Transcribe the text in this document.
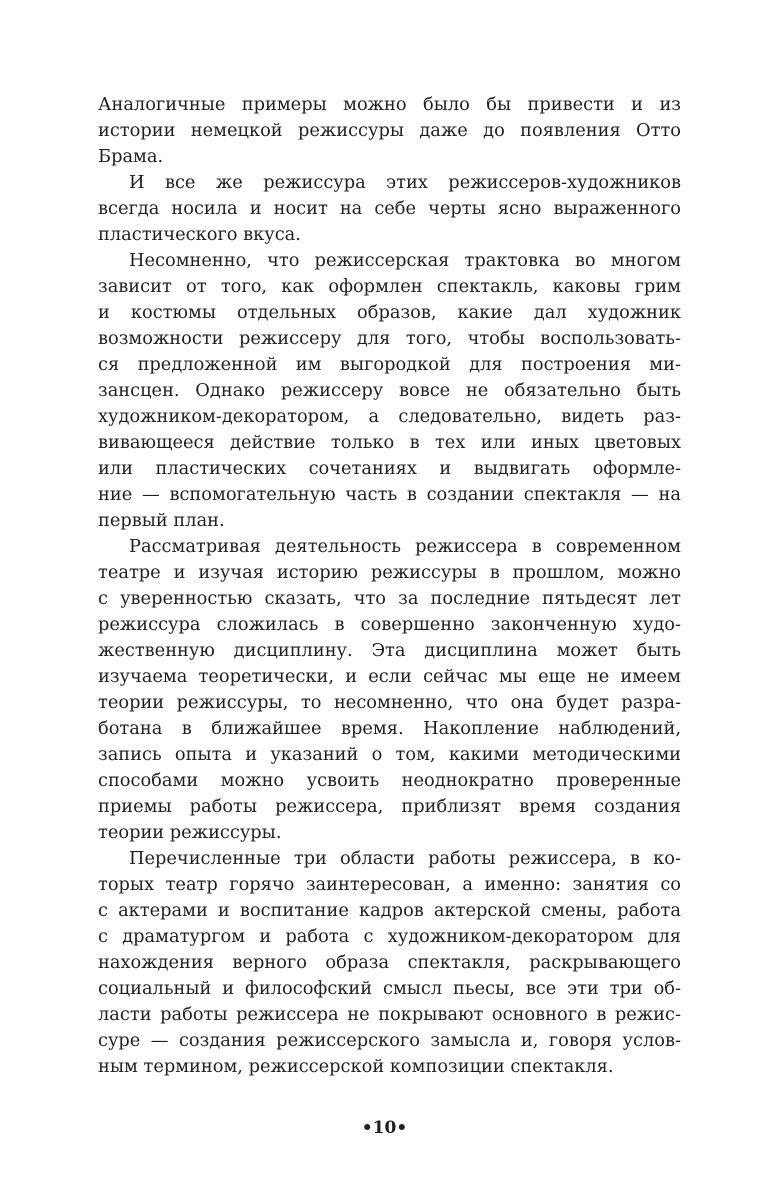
Аналогичные примеры можно было бы привести и из
истории немецкой режиссуры даже до появления Отто
Брама.
И все же режиссура этих режиссеров-художников
всегда носила и носит на себе черты ясно выраженного
пластического вкуса.
Несомненно, что режиссерская трактовка во многом
зависит от того, как оформлен спектакль, каковы грим
и костюмы отдельных образов, какие дал художник
возможности режиссеру для того, чтобы воспользовать-
ся предложенной им выгородкой для построения ми-
зансцен. Однако режиссеру вовсе не обязательно быть
художником-декоратором, а следовательно, видеть раз-
вивающееся действие только в тех или иных цветовых
или пластических сочетаниях и выдвигать оформле-
ние — вспомогательную часть в создании спектакля — на
первый план.
Рассматривая деятельность режиссера в современном
театре и изучая историю режиссуры в прошлом, можно
с уверенностью сказать, что за последние пятьдесят лет
режиссура сложилась в совершенно законченную худо-
жественную дисциплину. Эта дисциплина может быть
изучаема теоретически, и если сейчас мы еще не имеем
теории режиссуры, то несомненно, что она будет разра-
ботана в ближайшее время. Накопление наблюдений,
запись опыта и указаний о том, какими методическими
способами можно усвоить неоднократно проверенные
приемы работы режиссера, приблизят время создания
теории режиссуры.
Перечисленные три области работы режиссера, в ко-
торых театр горячо заинтересован, а именно: занятия со
с актерами и воспитание кадров актерской смены, работа
с драматургом и работа с художником-декоратором для
нахождения верного образа спектакля, раскрывающего
социальный и философский смысл пьесы, все эти три об-
ласти работы режиссера не покрывают основного в режис-
суре — создания режиссерского замысла и, говоря услов-
ным термином, режиссерской композиции спектакля.
•10•
